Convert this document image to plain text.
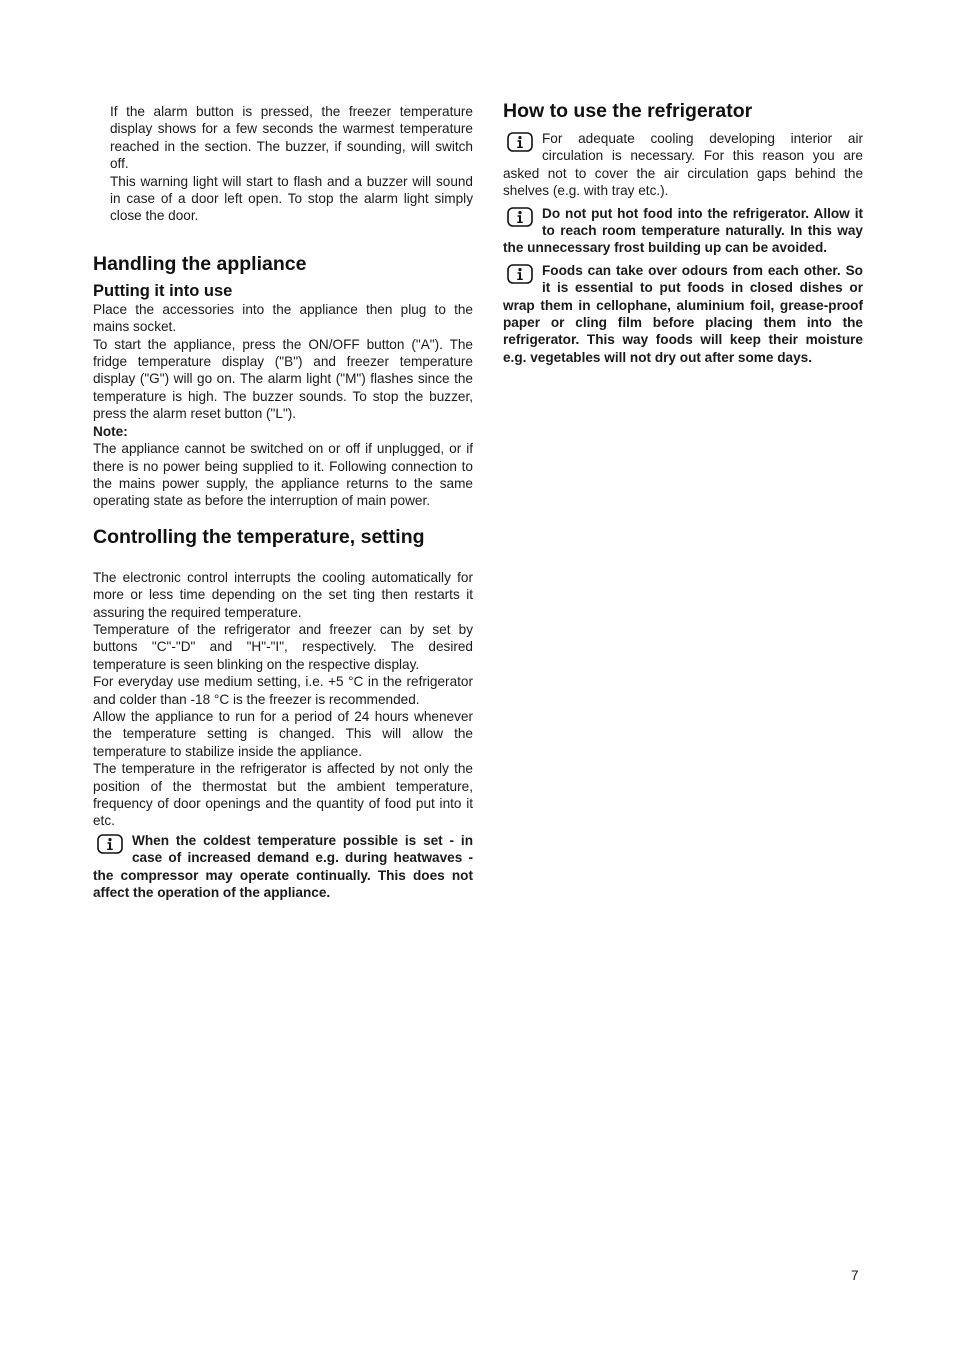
If the alarm button is pressed, the freezer temperature display shows for a few seconds the warmest temperature reached in the section. The buzzer, if sounding, will switch off.

This warning light will start to flash and a buzzer will sound in case of a door left open. To stop the alarm light simply close the door.

Handling the appliance
Putting it into use

Place the accessories into the appliance then plug to the mains socket.

To start the appliance, press the ON/OFF button ("A"). The fridge temperature display ("B") and freezer temperature display ("G") will go on. The alarm light ("M") flashes since the temperature is high. The buzzer sounds. To stop the buzzer, press the alarm reset button ("L").

Note:

The appliance cannot be switched on or off if unplugged, or if there is no power being supplied to it. Following connection to the mains power supply, the appliance returns to the same operating state as before the interruption of main power.

Controlling the temperature, setting

The electronic control interrupts the cooling automatically for more or less time depending on the set ting then restarts it assuring the required temperature.

Temperature of the refrigerator and freezer can by set by buttons "C"-"D" and "H"-"I", respectively. The desired temperature is seen blinking on the respective display.

For everyday use medium setting, i.e. +5 °C in the refrigerator and colder than -18 °C is the freezer is recommended.

Allow the appliance to run for a period of 24 hours whenever the temperature setting is changed. This will allow the temperature to stabilize inside the appliance.

The temperature in the refrigerator is affected by not only the position of the thermostat but the ambient temperature, frequency of door openings and the quantity of food put into it etc.

When the coldest temperature possible is set - in case of increased demand e.g. during heatwaves - the compressor may operate continually. This does not affect the operation of the appliance.
How to use the refrigerator
For adequate cooling developing interior air circulation is necessary. For this reason you are asked not to cover the air circulation gaps behind the shelves (e.g. with tray etc.).
Do not put hot food into the refrigerator. Allow it to reach room temperature naturally. In this way the unnecessary frost building up can be avoided.
Foods can take over odours from each other. So it is essential to put foods in closed dishes or wrap them in cellophane, aluminium foil, grease-proof paper or cling film before placing them into the refrigerator. This way foods will keep their moisture e.g. vegetables will not dry out after some days.
7
